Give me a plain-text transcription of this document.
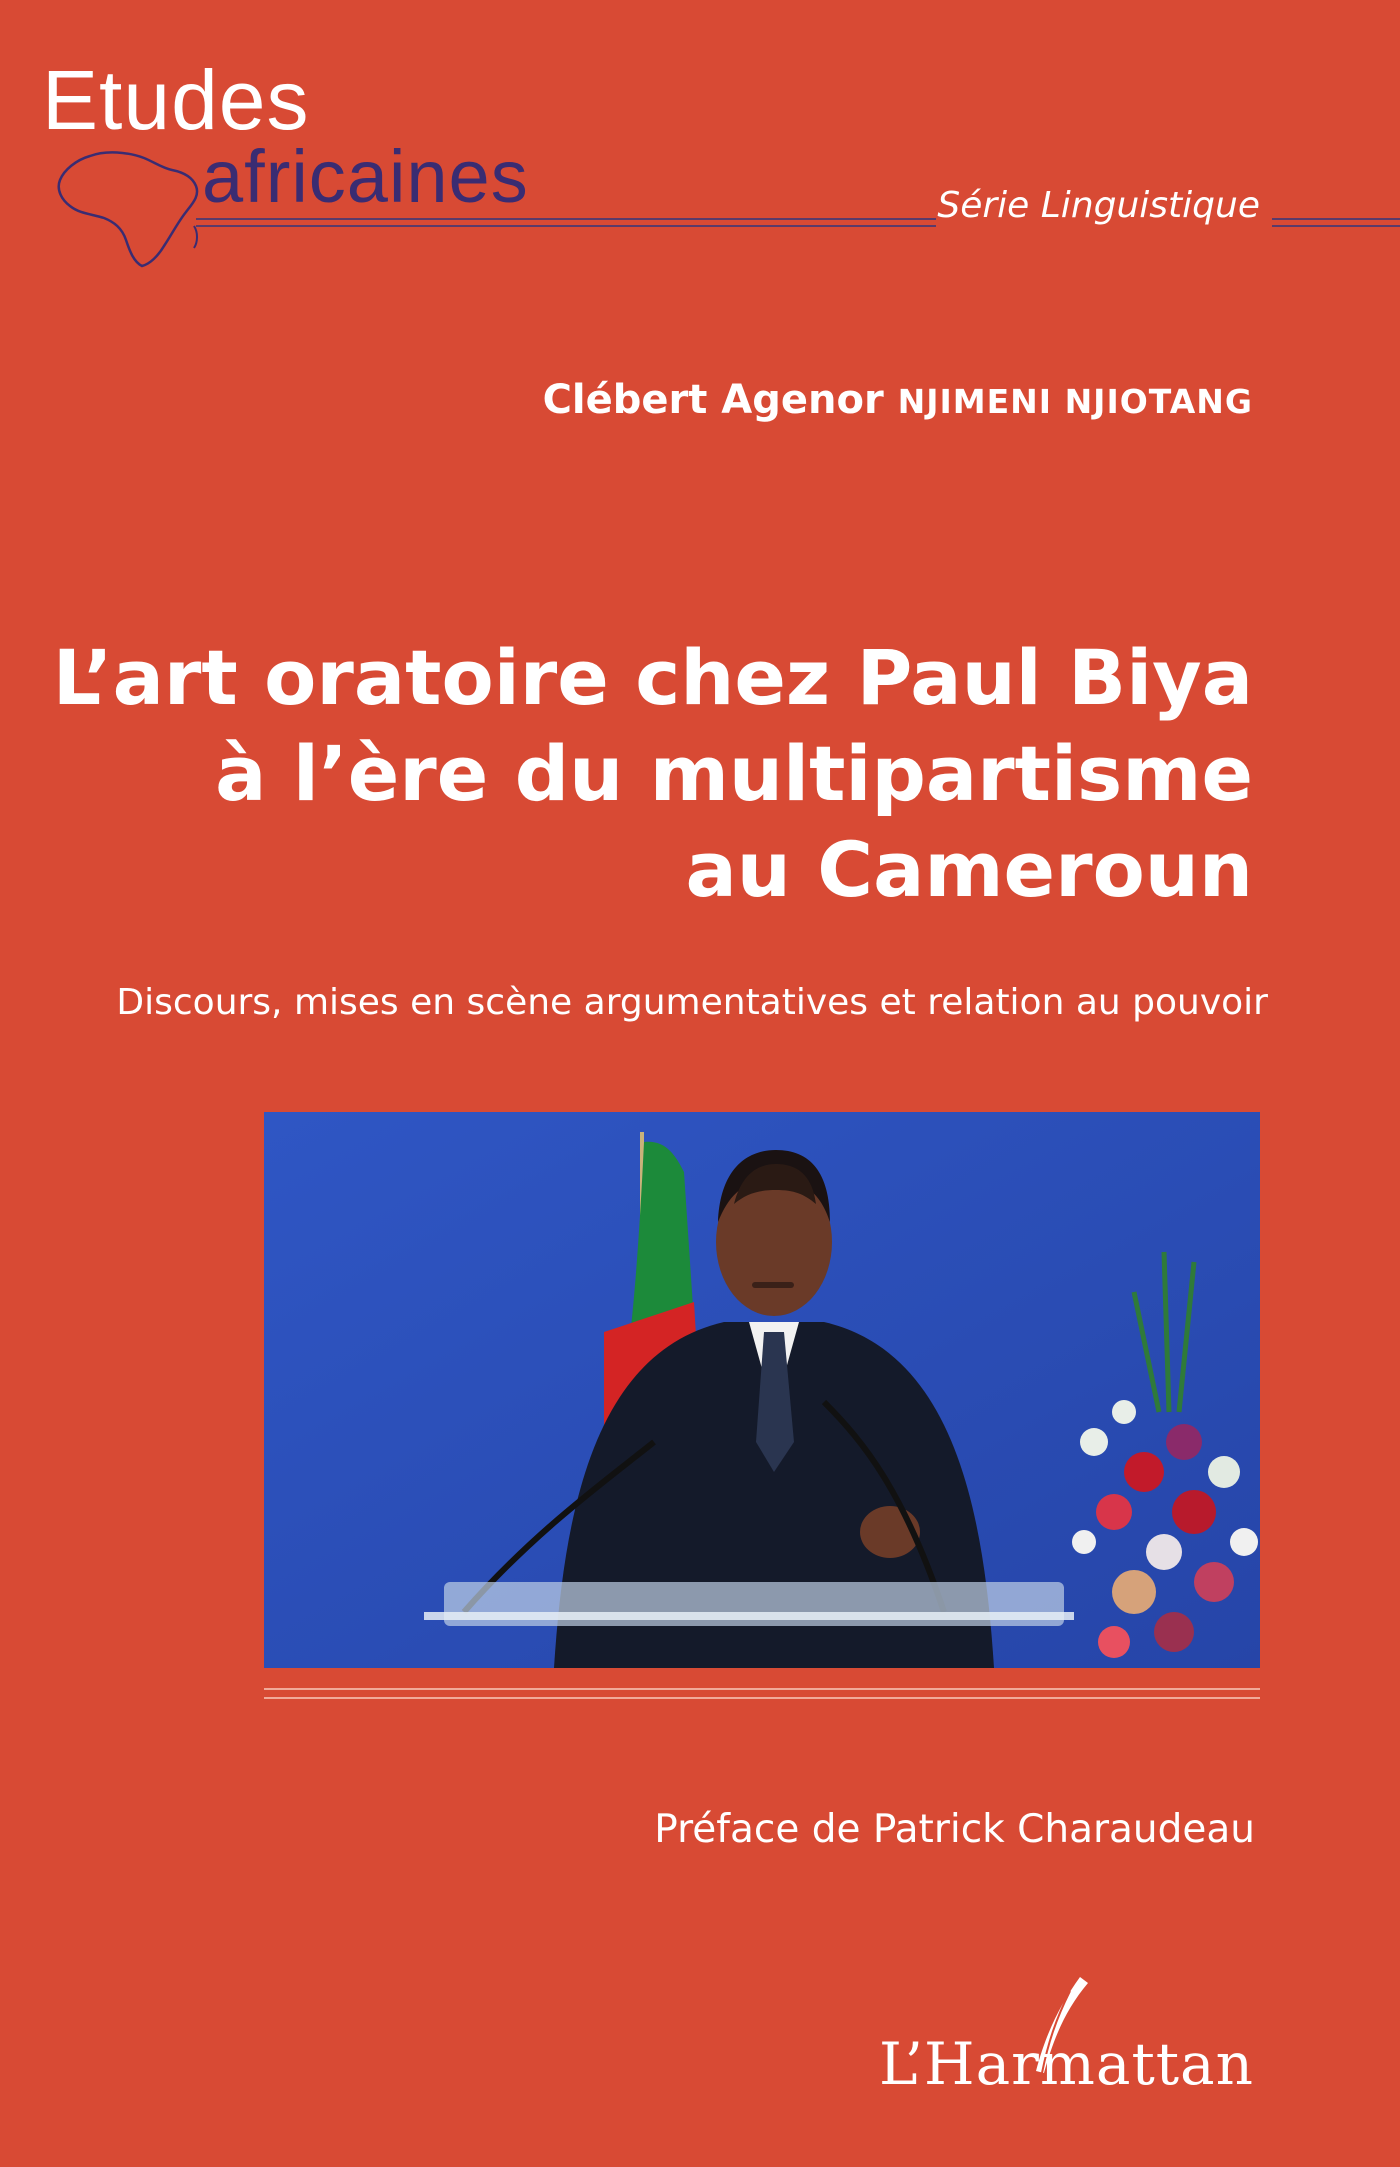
Etudes
africaines	Série Linguistique
Clébert Agenor NJIMENI NJIOTANG
L’art oratoire chez Paul Biya
à l’ère du multipartisme
au Cameroun
Discours, mises en scène argumentatives et relation au pouvoir
Préface de Patrick Charaudeau
L’Harmattan
